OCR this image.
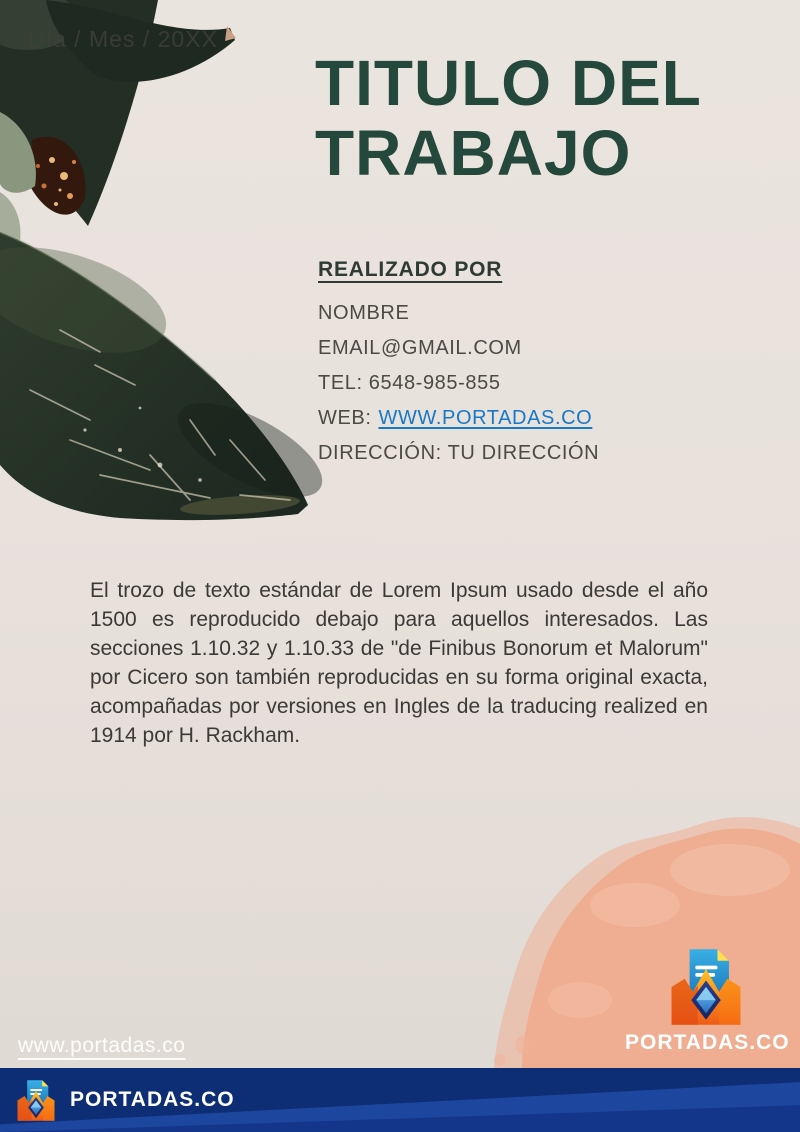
Día / Mes / 20XX
TITULO DEL
TRABAJO

REALIZADO POR

NOMBRE
EMAIL@GMAIL.COM
TEL: 6548-985-855
WEB: WWW.PORTADAS.CO
DIRECCIÓN: TU DIRECCIÓN

El trozo de texto estándar de Lorem Ipsum usado desde el año 1500 es reproducido debajo para aquellos interesados. Las secciones 1.10.32 y 1.10.33 de "de Finibus Bonorum et Malorum" por Cicero son también reproducidas en su forma original exacta, acompañadas por versiones en Ingles de la traducing realized en 1914 por H. Rackham.

PORTADAS.CO
www.portadas.co
PORTADAS.CO
